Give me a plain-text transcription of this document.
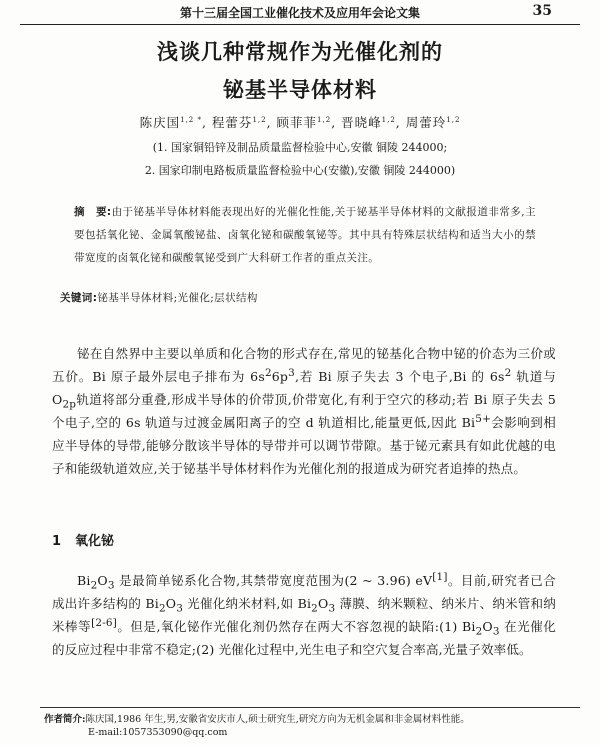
第十三届全国工业催化技术及应用年会论文集	35
浅谈几种常规作为光催化剂的
铋基半导体材料
陈庆国$^{1,2 *}$, 程蕾芬$^{1,2}$, 顾菲菲$^{1,2}$, 晋晓峰$^{1,2}$, 周蕾玲$^{1,2}$
(1. 国家铜铅锌及制品质量监督检验中心,安徽 铜陵 244000;
2. 国家印制电路板质量监督检验中心(安徽),安徽 铜陵 244000)
摘　要:由于铋基半导体材料能表现出好的光催化性能,关于铋基半导体材料的文献报道非常多,主要包括氧化铋、金属氧酸铋盐、卤氧化铋和碳酸氧铋等。其中具有特殊层状结构和适当大小的禁带宽度的卤氧化铋和碳酸氧铋受到广大科研工作者的重点关注。
关键词:铋基半导体材料;光催化;层状结构
铋在自然界中主要以单质和化合物的形式存在,常见的铋基化合物中铋的价态为三价或五价。Bi 原子最外层电子排布为 $6s^26p^3$,若 Bi 原子失去 3 个电子,Bi 的 $6s^2$ 轨道与 $O_{2p}$轨道将部分重叠,形成半导体的价带顶,价带宽化,有利于空穴的移动;若 Bi 原子失去 5 个电子,空的 6s 轨道与过渡金属阳离子的空 d 轨道相比,能量更低,因此 $Bi^{5+}$会影响到相应半导体的导带,能够分散该半导体的导带并可以调节带隙。基于铋元素具有如此优越的电子和能级轨道效应,关于铋基半导体材料作为光催化剂的报道成为研究者追捧的热点。
1 氧化铋
$Bi_2O_3$ 是最简单铋系化合物,其禁带宽度范围为(2 ~ 3.96) eV[1]。目前,研究者已合成出许多结构的 $Bi_2O_3$ 光催化纳米材料,如 $Bi_2O_3$ 薄膜、纳米颗粒、纳米片、纳米管和纳米棒等[2-6]。但是,氧化铋作光催化剂仍然存在两大不容忽视的缺陷:(1) $Bi_2O_3$ 在光催化的反应过程中非常不稳定;(2) 光催化过程中,光生电子和空穴复合率高,光量子效率低。
作者简介:陈庆国,1986 年生,男,安徽省安庆市人,硕士研究生,研究方向为无机金属和非金属材料性能。
E-mail:1057353090@qq.com
